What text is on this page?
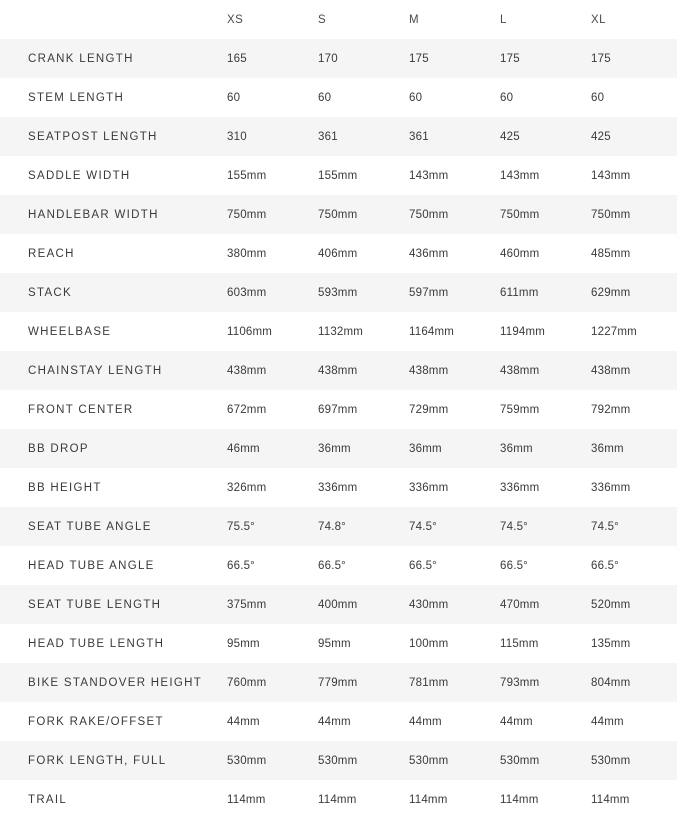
	XS	S	M	L	XL
CRANK LENGTH	165	170	175	175	175
STEM LENGTH	60	60	60	60	60
SEATPOST LENGTH	310	361	361	425	425
SADDLE WIDTH	155mm	155mm	143mm	143mm	143mm
HANDLEBAR WIDTH	750mm	750mm	750mm	750mm	750mm
REACH	380mm	406mm	436mm	460mm	485mm
STACK	603mm	593mm	597mm	611mm	629mm
WHEELBASE	1106mm	1132mm	1164mm	1194mm	1227mm
CHAINSTAY LENGTH	438mm	438mm	438mm	438mm	438mm
FRONT CENTER	672mm	697mm	729mm	759mm	792mm
BB DROP	46mm	36mm	36mm	36mm	36mm
BB HEIGHT	326mm	336mm	336mm	336mm	336mm
SEAT TUBE ANGLE	75.5°	74.8°	74.5°	74.5°	74.5°
HEAD TUBE ANGLE	66.5°	66.5°	66.5°	66.5°	66.5°
SEAT TUBE LENGTH	375mm	400mm	430mm	470mm	520mm
HEAD TUBE LENGTH	95mm	95mm	100mm	115mm	135mm
BIKE STANDOVER HEIGHT	760mm	779mm	781mm	793mm	804mm
FORK RAKE/OFFSET	44mm	44mm	44mm	44mm	44mm
FORK LENGTH, FULL	530mm	530mm	530mm	530mm	530mm
TRAIL	114mm	114mm	114mm	114mm	114mm
